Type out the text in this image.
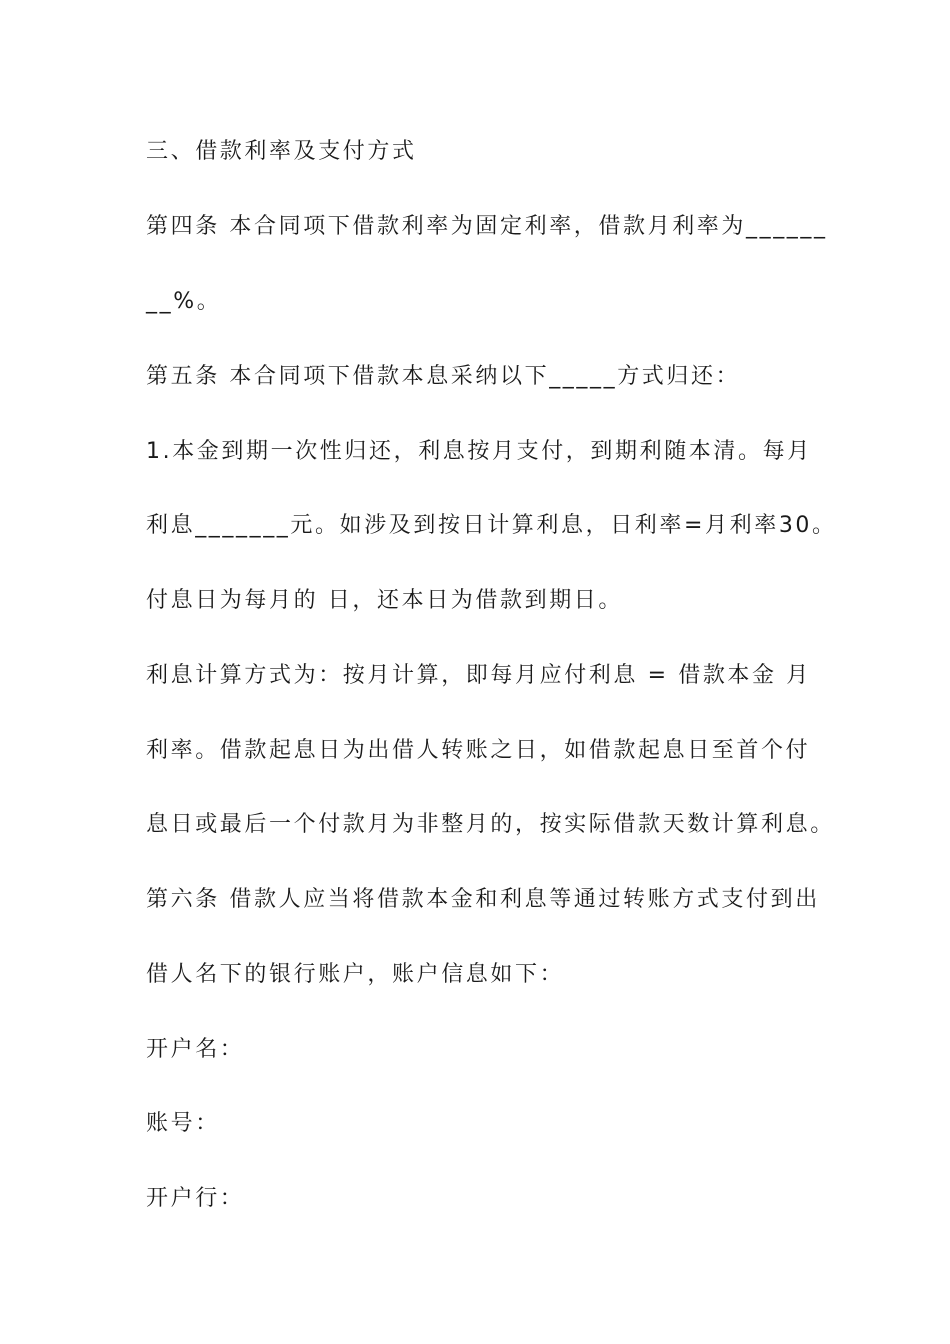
三、借款利率及支付方式
第四条 本合同项下借款利率为固定利率，借款月利率为______
__%。
第五条 本合同项下借款本息采纳以下_____方式归还：
1.本金到期一次性归还，利息按月支付，到期利随本清。每月
利息_______元。如涉及到按日计算利息，日利率=月利率30。
付息日为每月的 日，还本日为借款到期日。
利息计算方式为：按月计算，即每月应付利息 = 借款本金 月
利率。借款起息日为出借人转账之日，如借款起息日至首个付
息日或最后一个付款月为非整月的，按实际借款天数计算利息。
第六条 借款人应当将借款本金和利息等通过转账方式支付到出
借人名下的银行账户，账户信息如下：
开户名：
账号：
开户行：
